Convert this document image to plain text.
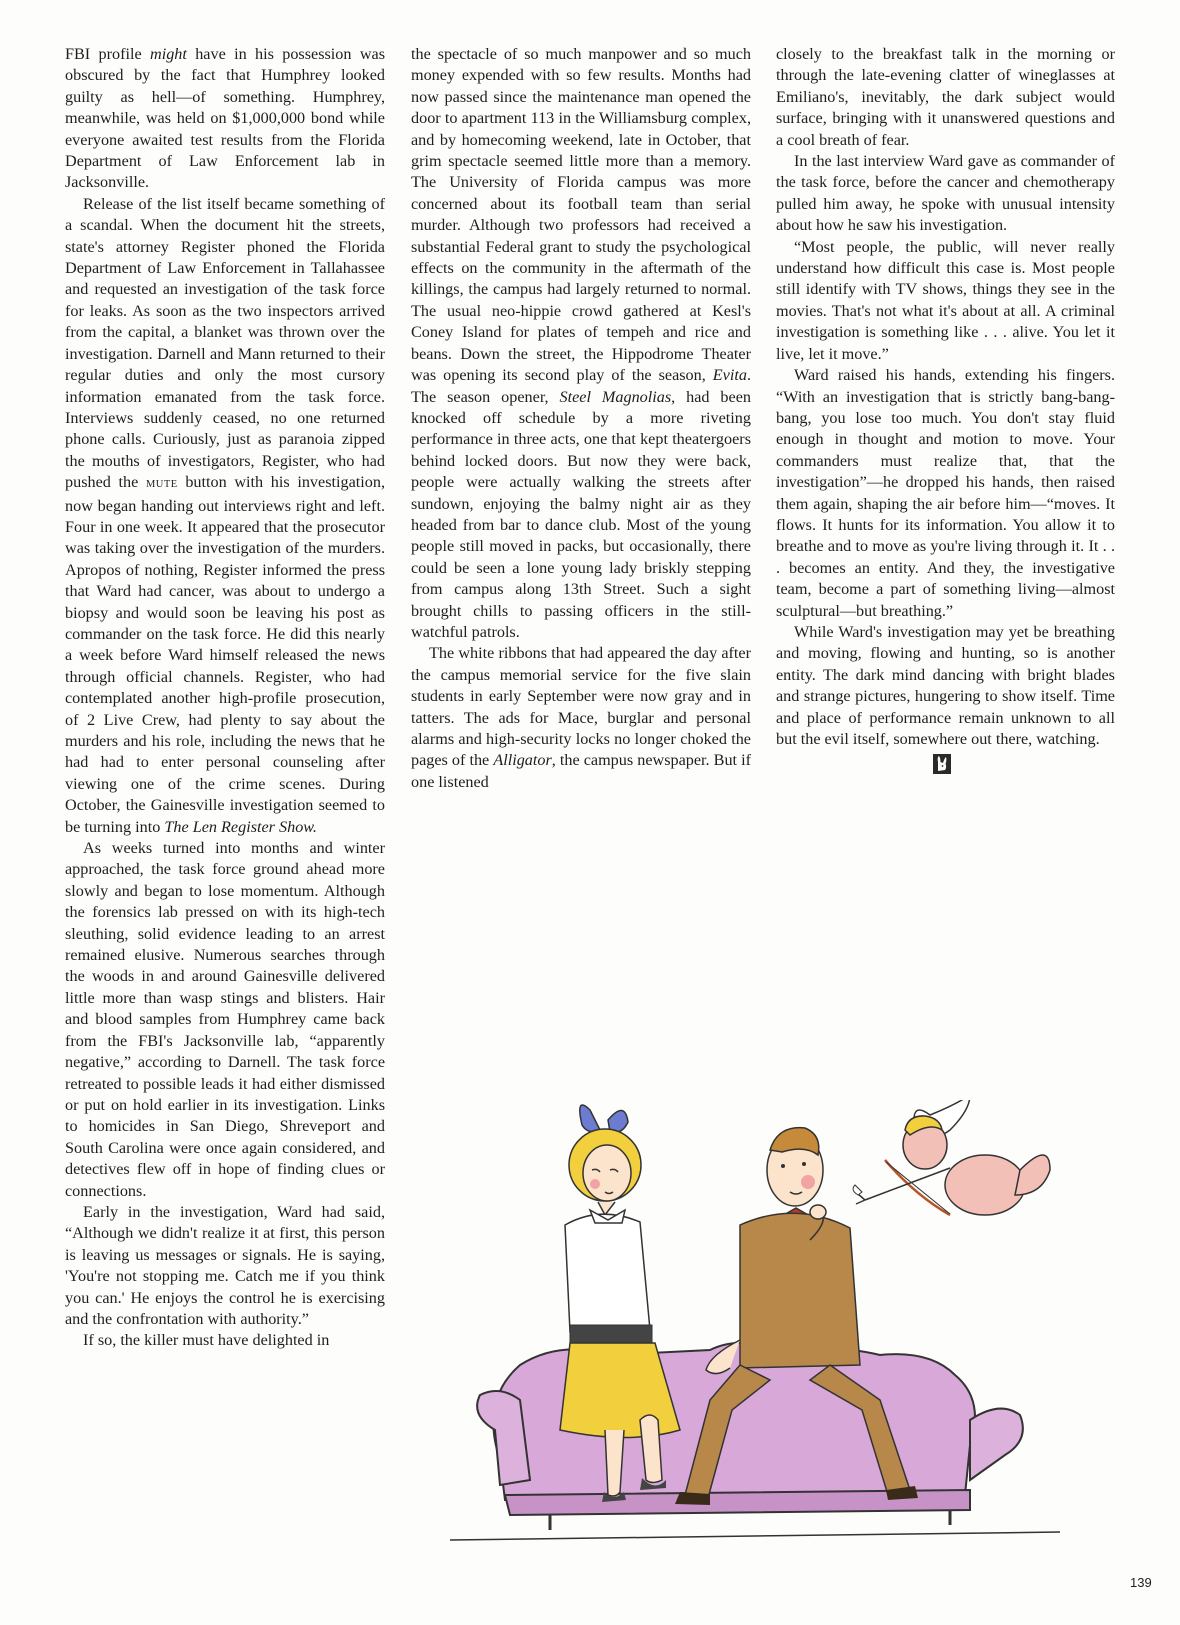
FBI profile might have in his possession was obscured by the fact that Humphrey looked guilty as hell—of something. Humphrey, meanwhile, was held on $1,000,000 bond while everyone awaited test results from the Florida Department of Law Enforcement lab in Jacksonville.

Release of the list itself became something of a scandal. When the document hit the streets, state's attorney Register phoned the Florida Department of Law Enforcement in Tallahassee and requested an investigation of the task force for leaks. As soon as the two inspectors arrived from the capital, a blanket was thrown over the investigation. Darnell and Mann returned to their regular duties and only the most cursory information emanated from the task force. Interviews suddenly ceased, no one returned phone calls. Curiously, just as paranoia zipped the mouths of investigators, Register, who had pushed the MUTE button with his investigation, now began handing out interviews right and left. Four in one week. It appeared that the prosecutor was taking over the investigation of the murders. Apropos of nothing, Register informed the press that Ward had cancer, was about to undergo a biopsy and would soon be leaving his post as commander on the task force. He did this nearly a week before Ward himself released the news through official channels. Register, who had contemplated another high-profile prosecution, of 2 Live Crew, had plenty to say about the murders and his role, including the news that he had had to enter personal counseling after viewing one of the crime scenes. During October, the Gainesville investigation seemed to be turning into The Len Register Show.

As weeks turned into months and winter approached, the task force ground ahead more slowly and began to lose momentum. Although the forensics lab pressed on with its high-tech sleuthing, solid evidence leading to an arrest remained elusive. Numerous searches through the woods in and around Gainesville delivered little more than wasp stings and blisters. Hair and blood samples from Humphrey came back from the FBI's Jacksonville lab, “apparently negative,” according to Darnell. The task force retreated to possible leads it had either dismissed or put on hold earlier in its investigation. Links to homicides in San Diego, Shreveport and South Carolina were once again considered, and detectives flew off in hope of finding clues or connections.

Early in the investigation, Ward had said, “Although we didn't realize it at first, this person is leaving us messages or signals. He is saying, 'You're not stopping me. Catch me if you think you can.' He enjoys the control he is exercising and the confrontation with authority.”

If so, the killer must have delighted in

the spectacle of so much manpower and so much money expended with so few results. Months had now passed since the maintenance man opened the door to apartment 113 in the Williamsburg complex, and by homecoming weekend, late in October, that grim spectacle seemed little more than a memory. The University of Florida campus was more concerned about its football team than serial murder. Although two professors had received a substantial Federal grant to study the psychological effects on the community in the aftermath of the killings, the campus had largely returned to normal. The usual neo-hippie crowd gathered at Kesl's Coney Island for plates of tempeh and rice and beans. Down the street, the Hippodrome Theater was opening its second play of the season, Evita. The season opener, Steel Magnolias, had been knocked off schedule by a more riveting performance in three acts, one that kept theatergoers behind locked doors. But now they were back, people were actually walking the streets after sundown, enjoying the balmy night air as they headed from bar to dance club. Most of the young people still moved in packs, but occasionally, there could be seen a lone young lady briskly stepping from campus along 13th Street. Such a sight brought chills to passing officers in the still-watchful patrols.

The white ribbons that had appeared the day after the campus memorial service for the five slain students in early September were now gray and in tatters. The ads for Mace, burglar and personal alarms and high-security locks no longer choked the pages of the Alligator, the campus newspaper. But if one listened

closely to the breakfast talk in the morning or through the late-evening clatter of wineglasses at Emiliano's, inevitably, the dark subject would surface, bringing with it unanswered questions and a cool breath of fear.

In the last interview Ward gave as commander of the task force, before the cancer and chemotherapy pulled him away, he spoke with unusual intensity about how he saw his investigation.

“Most people, the public, will never really understand how difficult this case is. Most people still identify with TV shows, things they see in the movies. That's not what it's about at all. A criminal investigation is something like . . . alive. You let it live, let it move.”

Ward raised his hands, extending his fingers. “With an investigation that is strictly bang-bang-bang, you lose too much. You don't stay fluid enough in thought and motion to move. Your commanders must realize that, that the investigation”—he dropped his hands, then raised them again, shaping the air before him—“moves. It flows. It hunts for its information. You allow it to breathe and to move as you're living through it. It . . . becomes an entity. And they, the investigative team, become a part of something living—almost sculptural—but breathing.”

While Ward's investigation may yet be breathing and moving, flowing and hunting, so is another entity. The dark mind dancing with bright blades and strange pictures, hungering to show itself. Time and place of performance remain unknown to all but the evil itself, somewhere out there, watching.

139
